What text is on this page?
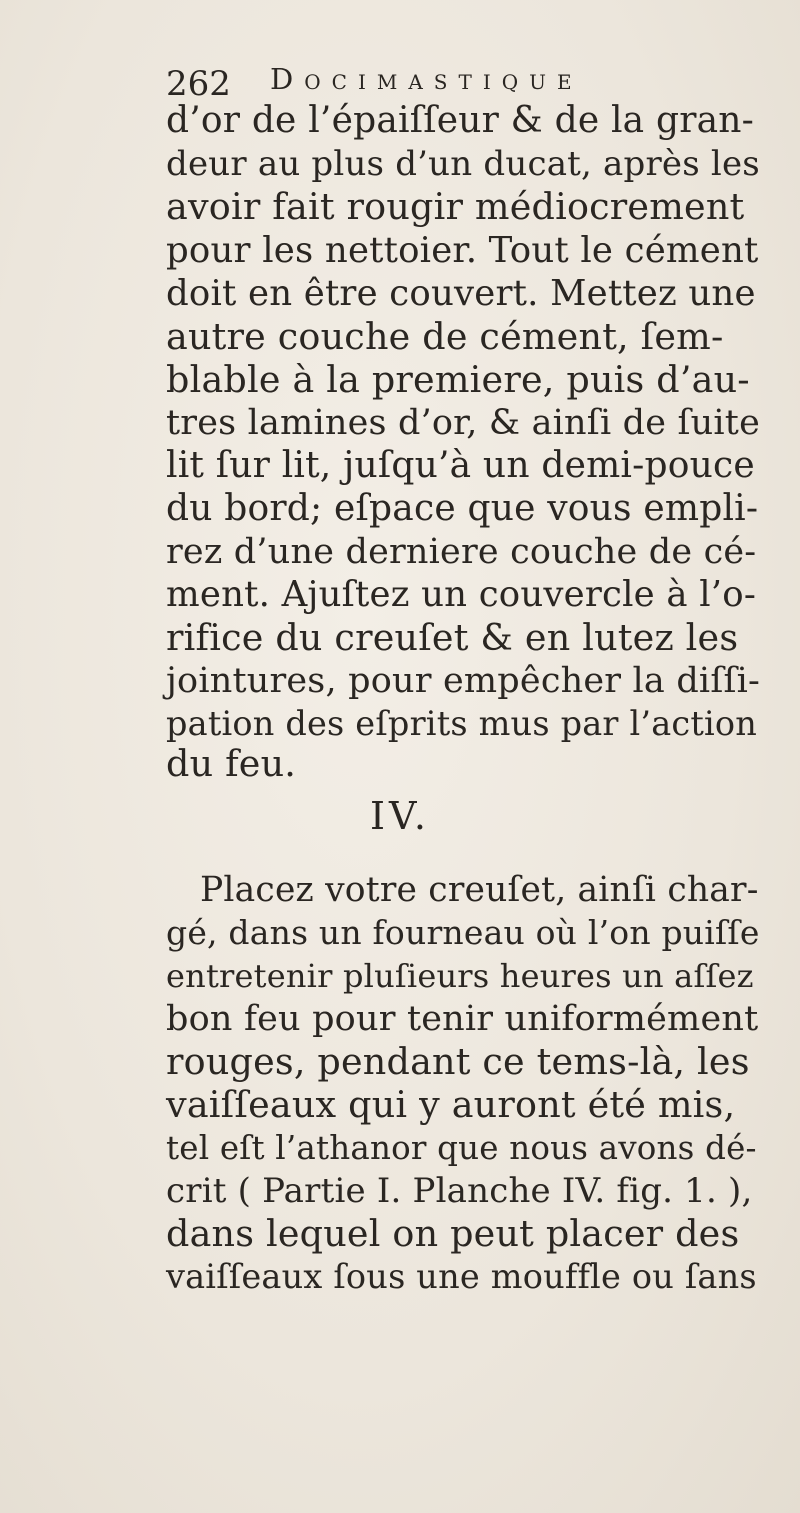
262 Docimastique
d’or de l’épaiſſeur & de la gran-
deur au plus d’un ducat, après les
avoir fait rougir médiocrement
pour les nettoier. Tout le cément
doit en être couvert. Mettez une
autre couche de cément, ſem-
blable à la premiere, puis d’au-
tres lamines d’or, & ainſi de ſuite
lit ſur lit, juſqu’à un demi-pouce
du bord; eſpace que vous empli-
rez d’une derniere couche de cé-
ment. Ajuſtez un couvercle à l’o-
rifice du creuſet & en lutez les
jointures, pour empêcher la diſſi-
pation des eſprits mus par l’action
du feu.
IV.
Placez votre creuſet, ainſi char-
gé, dans un fourneau où l’on puiſſe
entretenir pluſieurs heures un aſſez
bon feu pour tenir uniformément
rouges, pendant ce tems-là, les
vaiſſeaux qui y auront été mis,
tel eſt l’athanor que nous avons dé-
crit ( Partie I. Planche IV. fig. 1. ),
dans lequel on peut placer des
vaiſſeaux ſous une mouffle ou ſans
